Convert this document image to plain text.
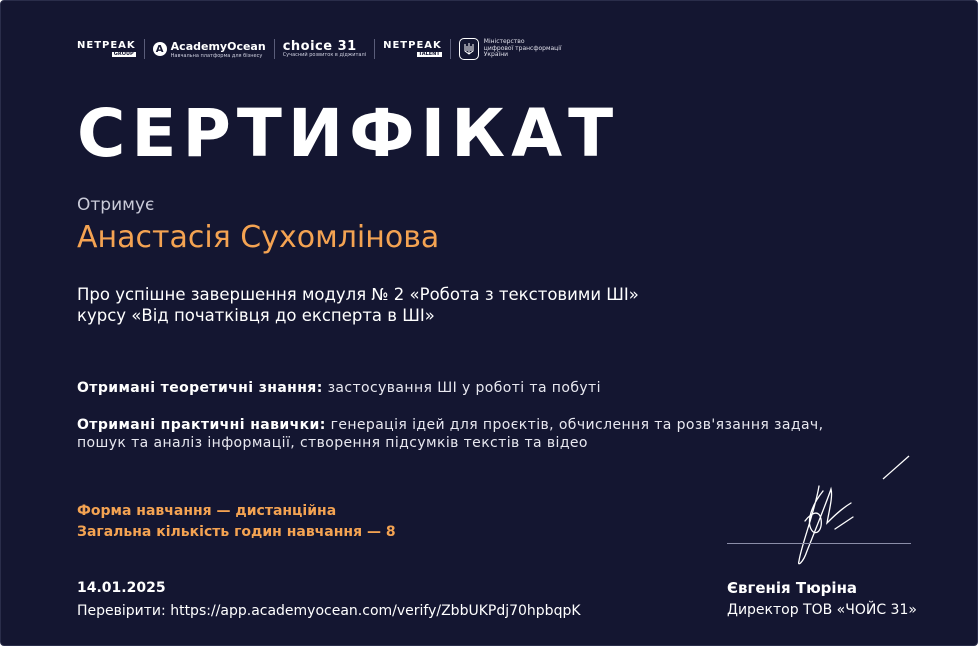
NETPEAK
GROUP	A AcademyOcean
Навчальна платформа для бізнесу
choice 31
Сучасний розвиток в діджиталі
NETPEAK
TALENT
Міністерство
цифрової трансформації
України
СЕРТИФІКАТ
Отримує
Анастасія Сухомлінова
Про успішне завершення модуля № 2 «Робота з текстовими ШІ»
курсу «Від початківця до експерта в ШІ»
Отримані теоретичні знання: застосування ШІ у роботі та побуті
Отримані практичні навички: генерація ідей для проєктів, обчислення та розв'язання задач, пошук та аналіз інформації, створення підсумків текстів та відео
Форма навчання — дистанційна
Загальна кількість годин навчання — 8
14.01.2025
Перевірити: https://app.academyocean.com/verify/ZbbUKPdj70hpbqpK
Євгенія Тюріна
Директор ТОВ «ЧОЙС 31»
